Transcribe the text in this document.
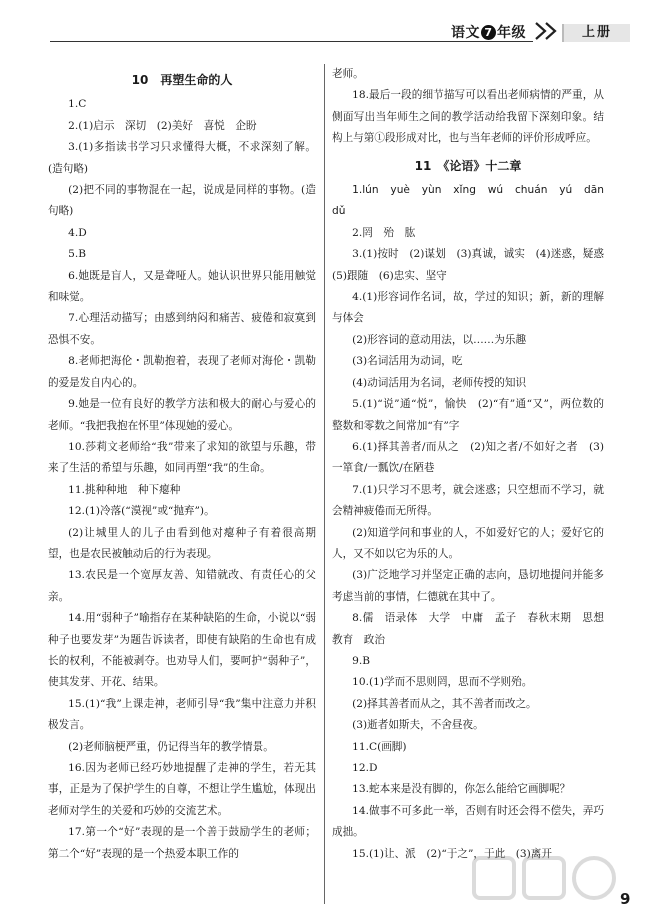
语文 7 年级	上册
10　再塑生命的人

1.C

2.(1)启示　深切　(2)美好　喜悦　企盼

3.(1)多指读书学习只求懂得大概，不求深刻了解。(造句略)

(2)把不同的事物混在一起，说成是同样的事物。(造句略)

4.D

5.B

6.她既是盲人，又是聋哑人。她认识世界只能用触觉和味觉。

7.心理活动描写；由感到纳闷和痛苦、疲倦和寂寞到恐惧不安。

8.老师把海伦・凯勒抱着，表现了老师对海伦・凯勒的爱是发自内心的。

9.她是一位有良好的教学方法和极大的耐心与爱心的老师。“我把我抱在怀里”体现她的爱心。

10.莎莉文老师给“我”带来了求知的欲望与乐趣，带来了生活的希望与乐趣，如同再塑“我”的生命。

11.挑种种地　种下瘪种

12.(1)冷落(“漠视”或“抛弃”)。

(2)让城里人的儿子由看到他对瘪种子有着很高期望，也是农民被触动后的行为表现。

13.农民是一个宽厚友善、知错就改、有责任心的父亲。

14.用“弱种子”喻指存在某种缺陷的生命，小说以“弱种子也要发芽”为题告诉读者，即使有缺陷的生命也有成长的权利，不能被剥夺。也劝导人们，要呵护“弱种子”，使其发芽、开花、结果。

15.(1)“我”上课走神，老师引导“我”集中注意力并积极发言。

(2)老师脑梗严重，仍记得当年的教学情景。

16.因为老师已经巧妙地提醒了走神的学生，若无其事，正是为了保护学生的自尊，不想让学生尴尬，体现出老师对学生的关爱和巧妙的交流艺术。

17.第一个“好”表现的是一个善于鼓励学生的老师；第二个“好”表现的是一个热爱本职工作的

老师。

18.最后一段的细节描写可以看出老师病情的严重，从侧面写出当年师生之间的教学活动给我留下深刻印象。结构上与第①段形成对比，也与当年老师的评价形成呼应。

11　《论语》十二章

1.lún　yuè　yùn　xǐng　wú　chuán　yú　dān　dǔ

2.罔　殆　肱

3.(1)按时　(2)谋划　(3)真诚，诚实　(4)迷惑，疑惑　(5)跟随　(6)忠实、坚守

4.(1)形容词作名词，故，学过的知识；新，新的理解与体会

(2)形容词的意动用法，以……为乐趣

(3)名词活用为动词，吃

(4)动词活用为名词，老师传授的知识

5.(1)“说”通“悦”，愉快　(2)“有”通“又”，两位数的整数和零数之间常加“有”字

6.(1)择其善者/而从之　(2)知之者/不如好之者　(3)一箪食/一瓢饮/在陋巷

7.(1)只学习不思考，就会迷惑；只空想而不学习，就会精神疲倦而无所得。

(2)知道学问和事业的人，不如爱好它的人；爱好它的人，又不如以它为乐的人。

(3)广泛地学习并坚定正确的志向，恳切地提问并能多考虑当前的事情，仁德就在其中了。

8.儒　语录体　大学　中庸　孟子　春秋末期　思想　教育　政治

9.B

10.(1)学而不思则罔，思而不学则殆。

(2)择其善者而从之，其不善者而改之。

(3)逝者如斯夫，不舍昼夜。

11.C(画脚)

12.D

13.蛇本来是没有脚的，你怎么能给它画脚呢？

14.做事不可多此一举，否则有时还会得不偿失，弄巧成拙。

15.(1)让、派　(2)“于之”，于此　(3)离开

9
